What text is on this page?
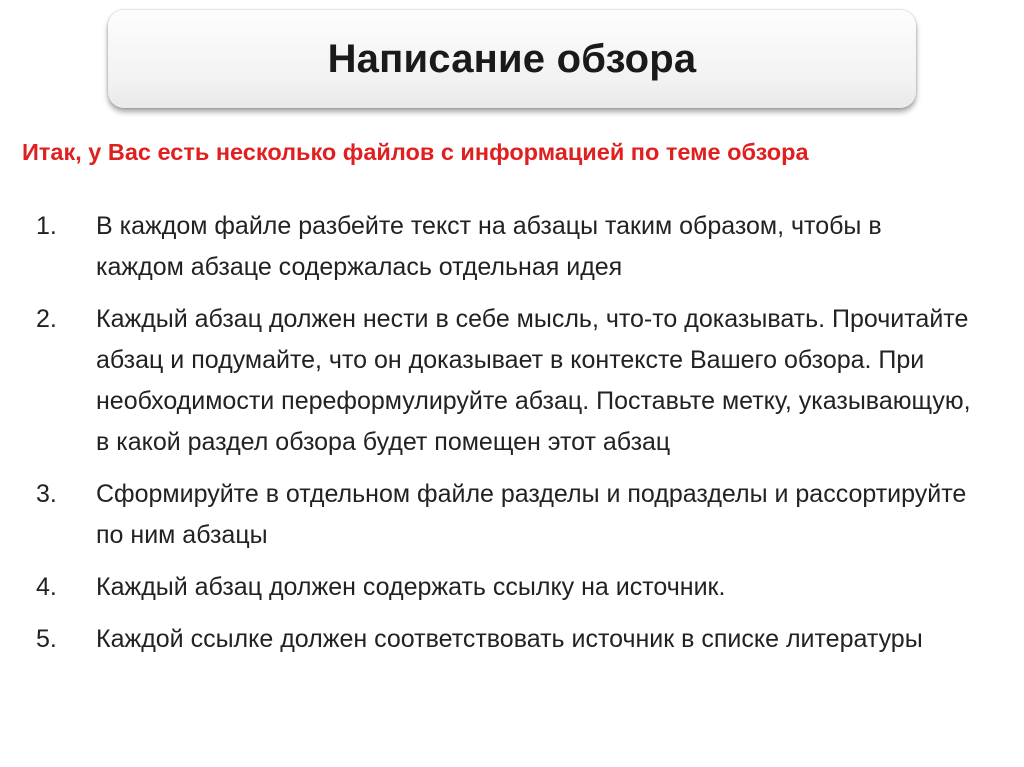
Написание обзора
Итак, у Вас есть несколько файлов с информацией по теме обзора
1.	В каждом файле разбейте текст на абзацы таким образом, чтобы в каждом абзаце содержалась отдельная идея
2.	Каждый абзац должен нести в себе мысль, что-то доказывать. Прочитайте абзац и подумайте, что он доказывает в контексте Вашего обзора. При необходимости переформулируйте абзац. Поставьте метку, указывающую, в какой раздел обзора будет помещен этот абзац
3.	Сформируйте в отдельном файле разделы и подразделы и рассортируйте по ним абзацы
4.	Каждый абзац должен содержать ссылку на источник.
5.	Каждой ссылке должен соответствовать источник в списке литературы
